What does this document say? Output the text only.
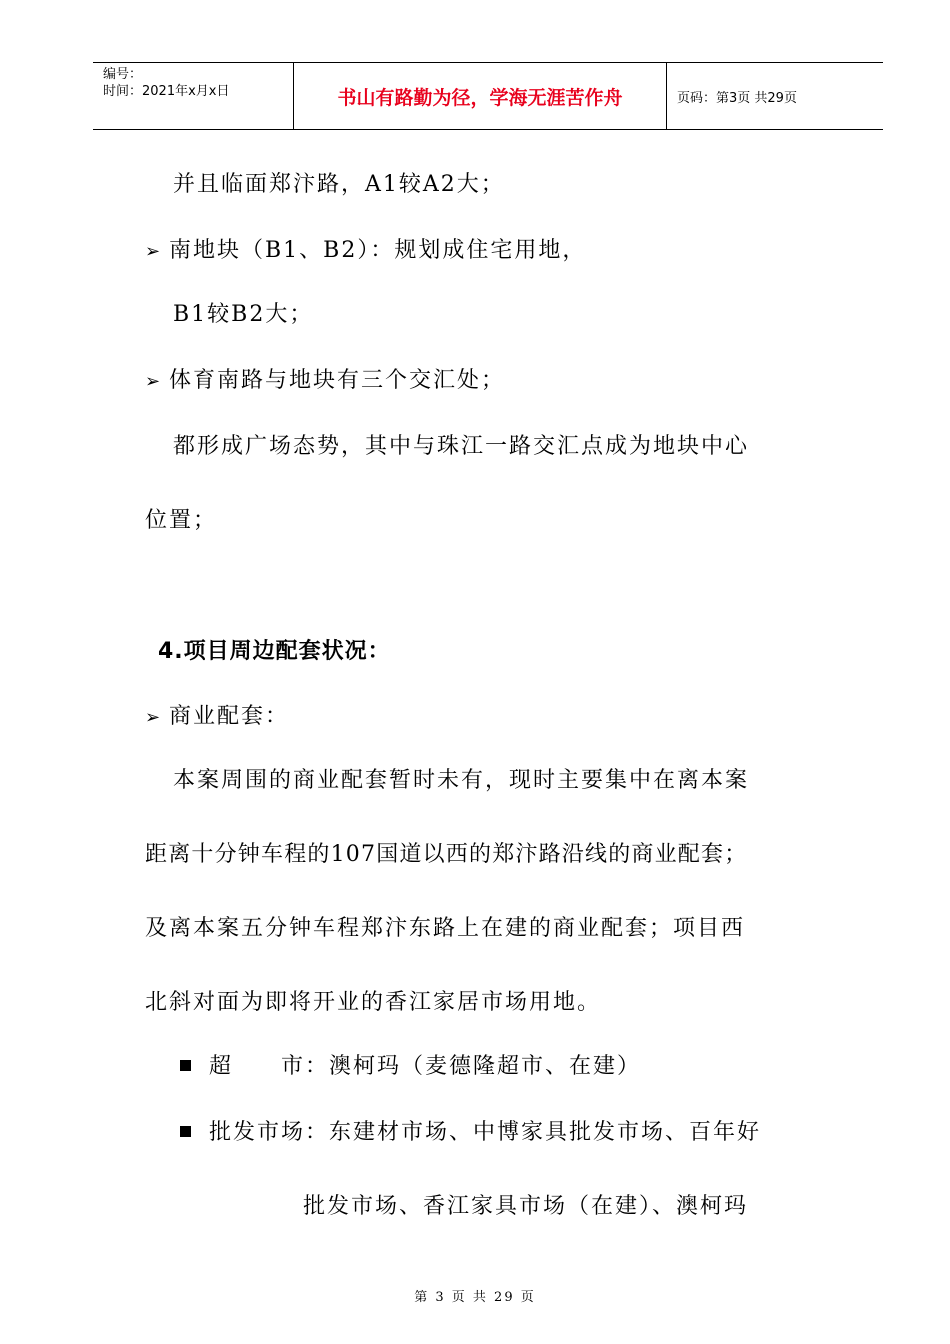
编号：
时间：2021年x月x日	书山有路勤为径，学海无涯苦作舟	页码：第3页 共29页
并且临面郑汴路，A1较A2大；
➢ 南地块（B1、B2）：规划成住宅用地，
B1较B2大；
➢ 体育南路与地块有三个交汇处；
都形成广场态势，其中与珠江一路交汇点成为地块中心
位置；
4.项目周边配套状况：
➢ 商业配套：
本案周围的商业配套暂时未有，现时主要集中在离本案
距离十分钟车程的107国道以西的郑汴路沿线的商业配套；
及离本案五分钟车程郑汴东路上在建的商业配套；项目西
北斜对面为即将开业的香江家居市场用地。
超　　市：澳柯玛（麦德隆超市、在建）
批发市场：东建材市场、中博家具批发市场、百年好
批发市场、香江家具市场（在建）、澳柯玛
第 3 页 共 29 页
